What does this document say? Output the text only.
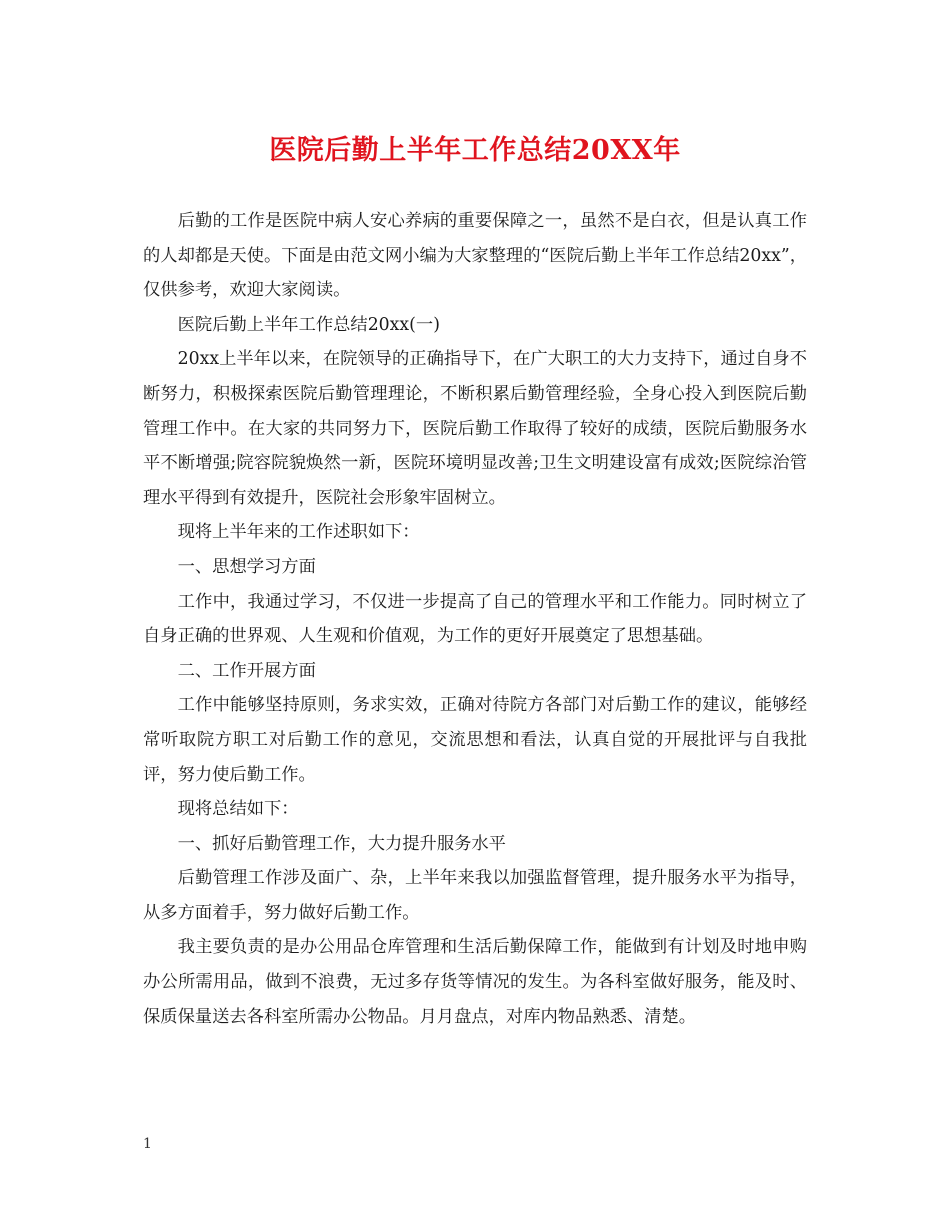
医院后勤上半年工作总结20XX年

后勤的工作是医院中病人安心养病的重要保障之一，虽然不是白衣，但是认真工作的人却都是天使。下面是由范文网小编为大家整理的“医院后勤上半年工作总结20xx”，仅供参考，欢迎大家阅读。

医院后勤上半年工作总结20xx(一)

20xx上半年以来，在院领导的正确指导下，在广大职工的大力支持下，通过自身不断努力，积极探索医院后勤管理理论，不断积累后勤管理经验，全身心投入到医院后勤管理工作中。在大家的共同努力下，医院后勤工作取得了较好的成绩，医院后勤服务水平不断增强;院容院貌焕然一新，医院环境明显改善;卫生文明建设富有成效;医院综治管理水平得到有效提升，医院社会形象牢固树立。

现将上半年来的工作述职如下：

一、思想学习方面

工作中，我通过学习，不仅进一步提高了自己的管理水平和工作能力。同时树立了自身正确的世界观、人生观和价值观，为工作的更好开展奠定了思想基础。

二、工作开展方面

工作中能够坚持原则，务求实效，正确对待院方各部门对后勤工作的建议，能够经常听取院方职工对后勤工作的意见，交流思想和看法，认真自觉的开展批评与自我批评，努力使后勤工作。

现将总结如下：

一、抓好后勤管理工作，大力提升服务水平

后勤管理工作涉及面广、杂，上半年来我以加强监督管理，提升服务水平为指导，从多方面着手，努力做好后勤工作。

我主要负责的是办公用品仓库管理和生活后勤保障工作，能做到有计划及时地申购办公所需用品，做到不浪费，无过多存货等情况的发生。为各科室做好服务，能及时、保质保量送去各科室所需办公物品。月月盘点，对库内物品熟悉、清楚。

1
